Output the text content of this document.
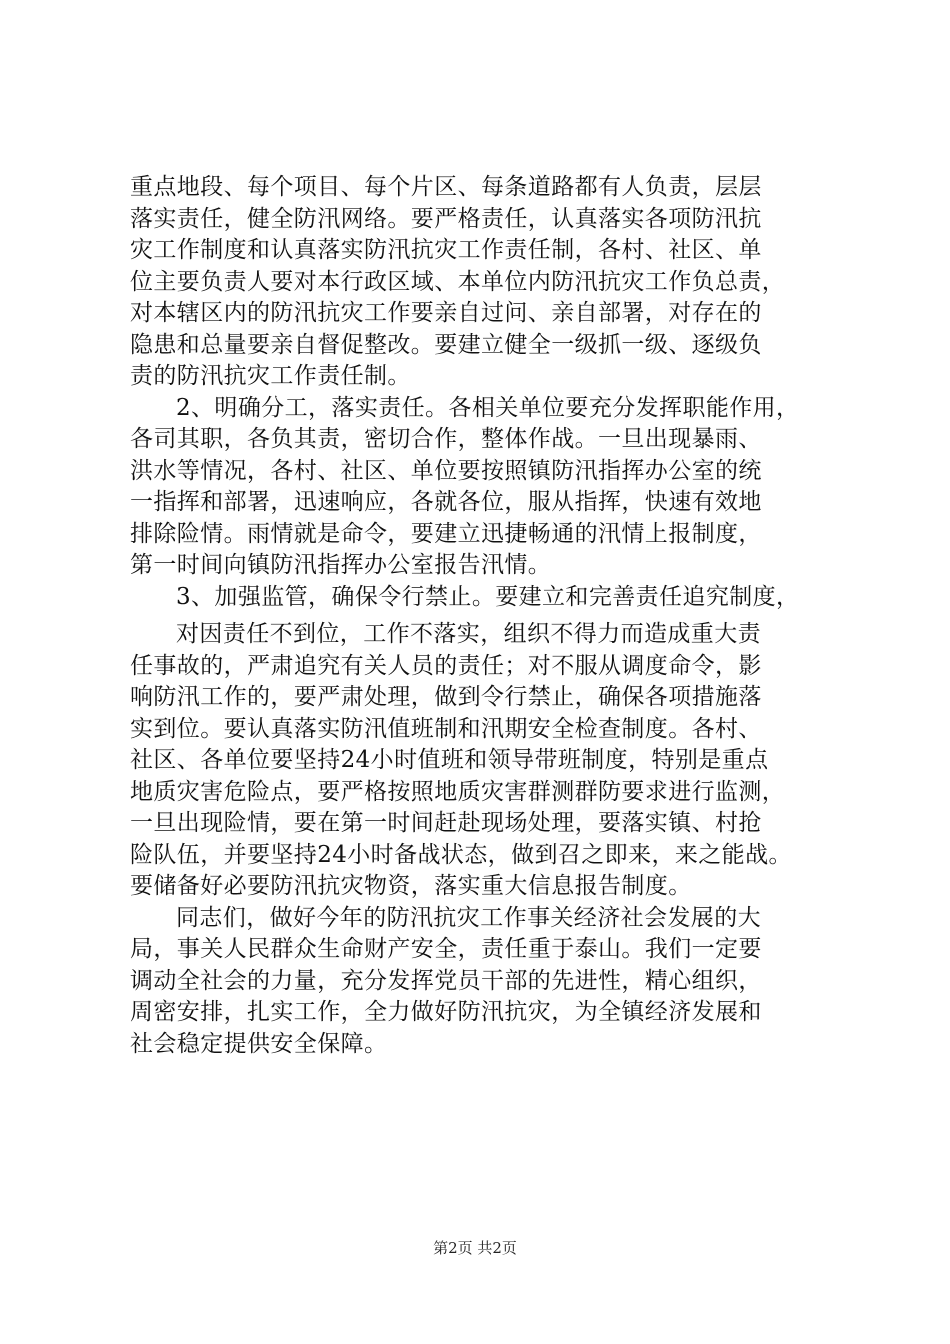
重点地段、每个项目、每个片区、每条道路都有人负责，层层
落实责任，健全防汛网络。要严格责任，认真落实各项防汛抗
灾工作制度和认真落实防汛抗灾工作责任制，各村、社区、单
位主要负责人要对本行政区域、本单位内防汛抗灾工作负总责，
对本辖区内的防汛抗灾工作要亲自过问、亲自部署，对存在的
隐患和总量要亲自督促整改。要建立健全一级抓一级、逐级负
责的防汛抗灾工作责任制。
2、明确分工，落实责任。各相关单位要充分发挥职能作用，
各司其职，各负其责，密切合作，整体作战。一旦出现暴雨、
洪水等情况，各村、社区、单位要按照镇防汛指挥办公室的统
一指挥和部署，迅速响应，各就各位，服从指挥，快速有效地
排除险情。雨情就是命令，要建立迅捷畅通的汛情上报制度，
第一时间向镇防汛指挥办公室报告汛情。
3、加强监管，确保令行禁止。要建立和完善责任追究制度，
对因责任不到位，工作不落实，组织不得力而造成重大责
任事故的，严肃追究有关人员的责任；对不服从调度命令，影
响防汛工作的，要严肃处理，做到令行禁止，确保各项措施落
实到位。要认真落实防汛值班制和汛期安全检查制度。各村、
社区、各单位要坚持24小时值班和领导带班制度，特别是重点
地质灾害危险点，要严格按照地质灾害群测群防要求进行监测，
一旦出现险情，要在第一时间赶赴现场处理，要落实镇、村抢
险队伍，并要坚持24小时备战状态，做到召之即来，来之能战。
要储备好必要防汛抗灾物资，落实重大信息报告制度。
同志们，做好今年的防汛抗灾工作事关经济社会发展的大
局，事关人民群众生命财产安全，责任重于泰山。我们一定要
调动全社会的力量，充分发挥党员干部的先进性，精心组织，
周密安排，扎实工作，全力做好防汛抗灾，为全镇经济发展和
社会稳定提供安全保障。
第2页 共2页
